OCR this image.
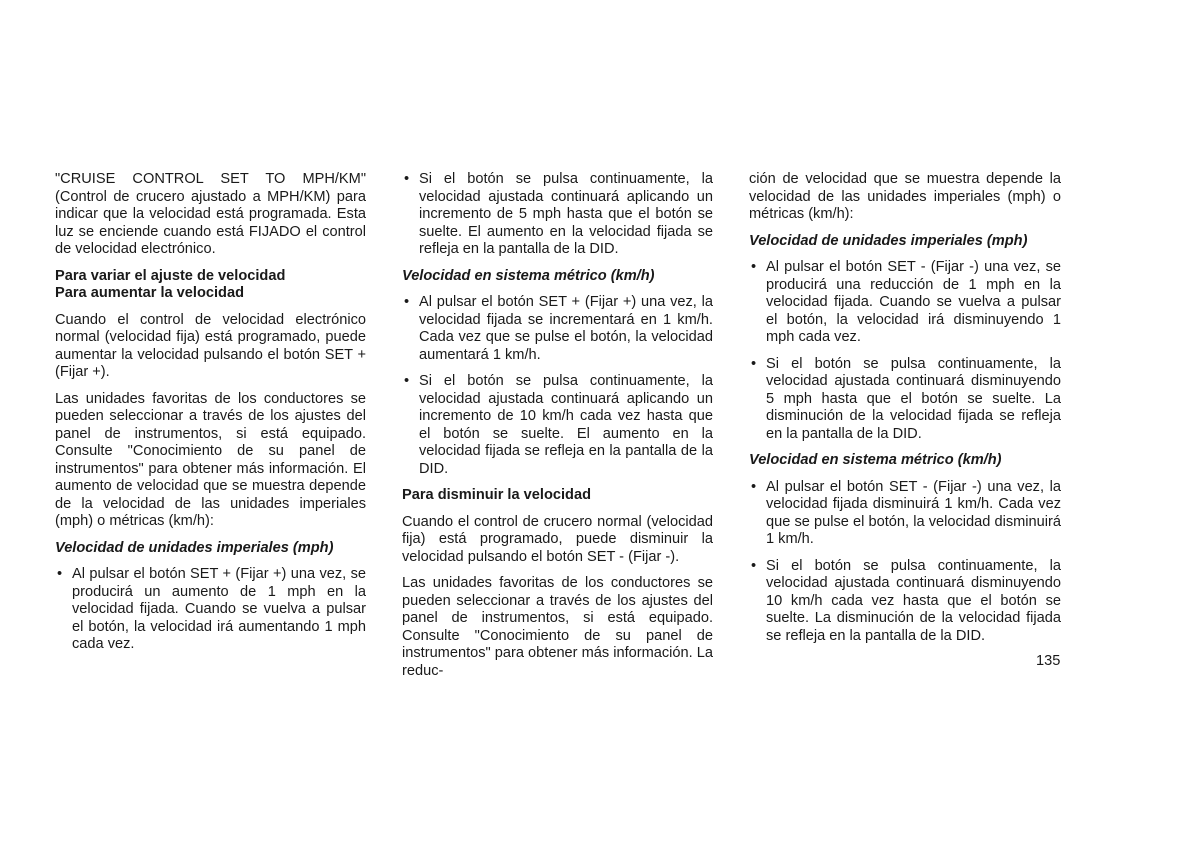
"CRUISE CONTROL SET TO MPH/KM" (Control de crucero ajustado a MPH/KM) para indicar que la velocidad está programada. Esta luz se enciende cuando está FIJADO el control de velocidad electrónico.

Para variar el ajuste de velocidad
Para aumentar la velocidad

Cuando el control de velocidad electrónico normal (velocidad fija) está programado, puede aumentar la velocidad pulsando el botón SET + (Fijar +).

Las unidades favoritas de los conductores se pueden seleccionar a través de los ajustes del panel de instrumentos, si está equipado. Consulte "Conocimiento de su panel de instrumentos" para obtener más información. El aumento de velocidad que se muestra depende de la velocidad de las unidades imperiales (mph) o métricas (km/h):

Velocidad de unidades imperiales (mph)
• Al pulsar el botón SET + (Fijar +) una vez, se producirá un aumento de 1 mph en la velocidad fijada. Cuando se vuelva a pulsar el botón, la velocidad irá aumentando 1 mph cada vez.
• Si el botón se pulsa continuamente, la velocidad ajustada continuará aplicando un incremento de 5 mph hasta que el botón se suelte. El aumento en la velocidad fijada se refleja en la pantalla de la DID.
Velocidad en sistema métrico (km/h)
• Al pulsar el botón SET + (Fijar +) una vez, la velocidad fijada se incrementará en 1 km/h. Cada vez que se pulse el botón, la velocidad aumentará 1 km/h.
• Si el botón se pulsa continuamente, la velocidad ajustada continuará aplicando un incremento de 10 km/h cada vez hasta que el botón se suelte. El aumento en la velocidad fijada se refleja en la pantalla de la DID.
Para disminuir la velocidad

Cuando el control de crucero normal (velocidad fija) está programado, puede disminuir la velocidad pulsando el botón SET - (Fijar -).

Las unidades favoritas de los conductores se pueden seleccionar a través de los ajustes del panel de instrumentos, si está equipado. Consulte "Conocimiento de su panel de instrumentos" para obtener más información. La reduc-

ción de velocidad que se muestra depende la velocidad de las unidades imperiales (mph) o métricas (km/h):

Velocidad de unidades imperiales (mph)
• Al pulsar el botón SET - (Fijar -) una vez, se producirá una reducción de 1 mph en la velocidad fijada. Cuando se vuelva a pulsar el botón, la velocidad irá disminuyendo 1 mph cada vez.
• Si el botón se pulsa continuamente, la velocidad ajustada continuará disminuyendo 5 mph hasta que el botón se suelte. La disminución de la velocidad fijada se refleja en la pantalla de la DID.
Velocidad en sistema métrico (km/h)
• Al pulsar el botón SET - (Fijar -) una vez, la velocidad fijada disminuirá 1 km/h. Cada vez que se pulse el botón, la velocidad disminuirá 1 km/h.
• Si el botón se pulsa continuamente, la velocidad ajustada continuará disminuyendo 10 km/h cada vez hasta que el botón se suelte. La disminución de la velocidad fijada se refleja en la pantalla de la DID.
135
